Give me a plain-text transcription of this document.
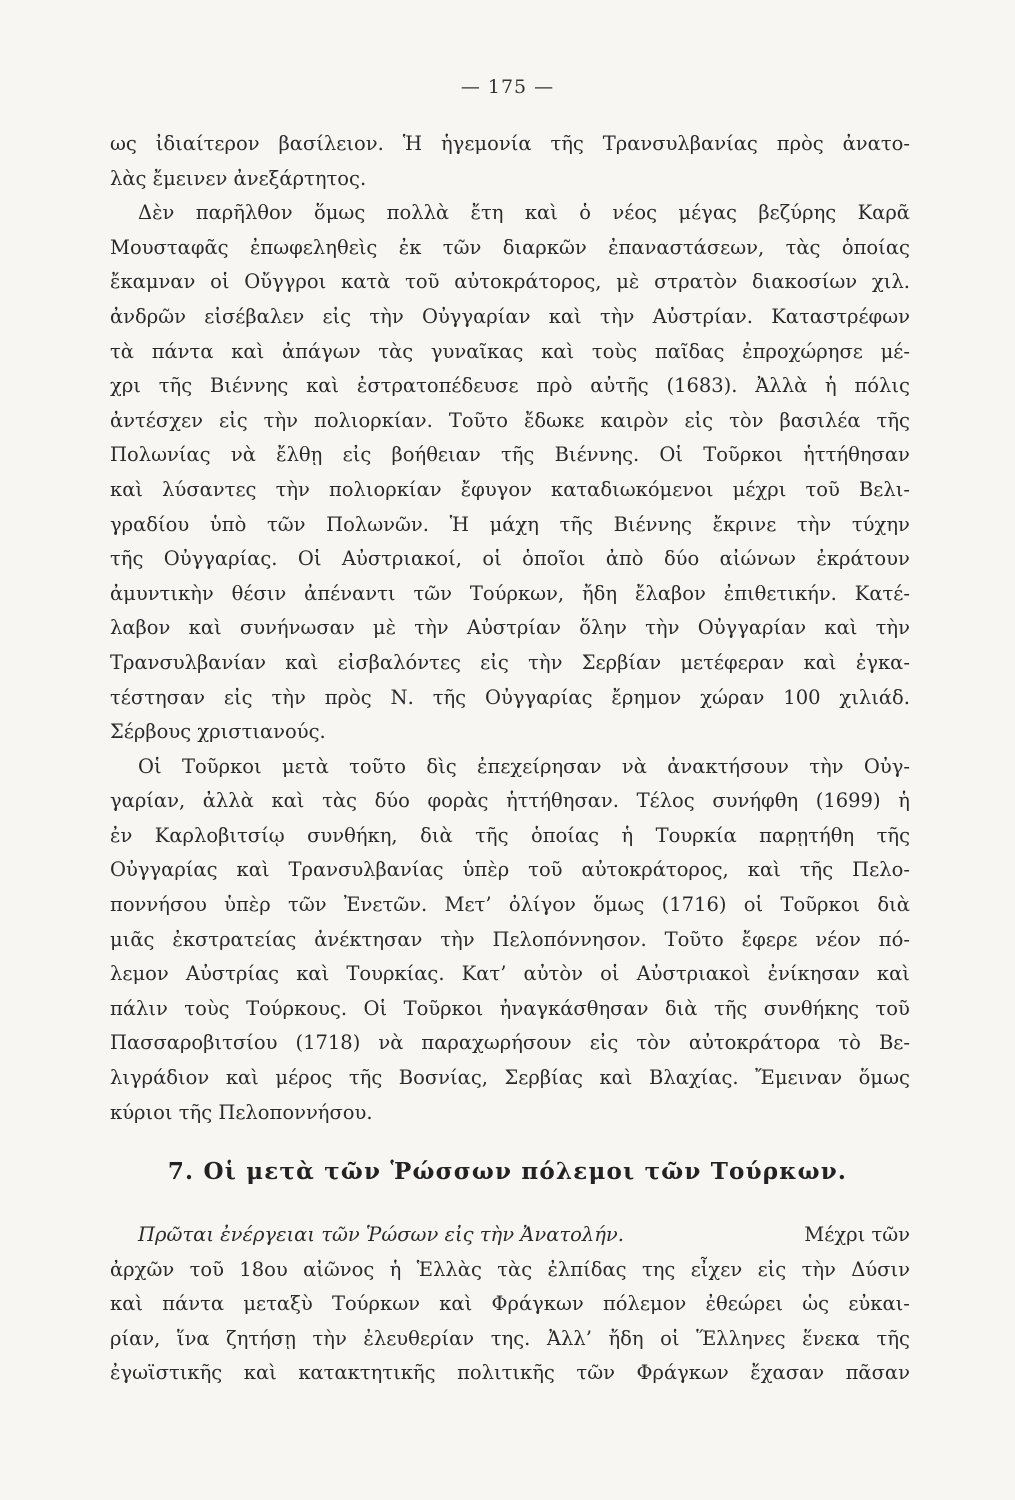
— 175 —
ως ἰδιαίτερον βασίλειον. Ἡ ἡγεμονία τῆς Τρανσυλβανίας πρὸς ἀνατο-
λὰς ἔμεινεν ἀνεξάρτητος.
Δὲν παρῆλθον ὅμως πολλὰ ἔτη καὶ ὁ νέος μέγας βεζύρης Καρᾶ
Μουσταφᾶς ἐπωφεληθεὶς ἐκ τῶν διαρκῶν ἐπαναστάσεων, τὰς ὁποίας
ἔκαμναν οἱ Οὔγγροι κατὰ τοῦ αὐτοκράτορος, μὲ στρατὸν διακοσίων χιλ.
ἀνδρῶν εἰσέβαλεν εἰς τὴν Οὐγγαρίαν καὶ τὴν Αὐστρίαν. Καταστρέφων
τὰ πάντα καὶ ἀπάγων τὰς γυναῖκας καὶ τοὺς παῖδας ἐπροχώρησε μέ-
χρι τῆς Βιέννης καὶ ἐστρατοπέδευσε πρὸ αὐτῆς (1683). Ἀλλὰ ἡ πόλις
ἀντέσχεν εἰς τὴν πολιορκίαν. Τοῦτο ἔδωκε καιρὸν εἰς τὸν βασιλέα τῆς
Πολωνίας νὰ ἔλθῃ εἰς βοήθειαν τῆς Βιέννης. Οἱ Τοῦρκοι ἡττήθησαν
καὶ λύσαντες τὴν πολιορκίαν ἔφυγον καταδιωκόμενοι μέχρι τοῦ Βελι-
γραδίου ὑπὸ τῶν Πολωνῶν. Ἡ μάχη τῆς Βιέννης ἔκρινε τὴν τύχην
τῆς Οὐγγαρίας. Οἱ Αὐστριακοί, οἱ ὁποῖοι ἀπὸ δύο αἰώνων ἐκράτουν
ἀμυντικὴν θέσιν ἀπέναντι τῶν Τούρκων, ἤδη ἔλαβον ἐπιθετικήν. Κατέ-
λαβον καὶ συνήνωσαν μὲ τὴν Αὐστρίαν ὅλην τὴν Οὐγγαρίαν καὶ τὴν
Τρανσυλβανίαν καὶ εἰσβαλόντες εἰς τὴν Σερβίαν μετέφεραν καὶ ἐγκα-
τέστησαν εἰς τὴν πρὸς Ν. τῆς Οὐγγαρίας ἔρημον χώραν 100 χιλιάδ.
Σέρβους χριστιανούς.
Οἱ Τοῦρκοι μετὰ τοῦτο δὶς ἐπεχείρησαν νὰ ἀνακτήσουν τὴν Οὐγ-
γαρίαν, ἀλλὰ καὶ τὰς δύο φορὰς ἡττήθησαν. Τέλος συνήφθη (1699) ἡ
ἐν Καρλοβιτσίῳ συνθήκη, διὰ τῆς ὁποίας ἡ Τουρκία παρῃτήθη τῆς
Οὐγγαρίας καὶ Τρανσυλβανίας ὑπὲρ τοῦ αὐτοκράτορος, καὶ τῆς Πελο-
ποννήσου ὑπὲρ τῶν Ἐνετῶν. Μετ’ ὀλίγον ὅμως (1716) οἱ Τοῦρκοι διὰ
μιᾶς ἐκστρατείας ἀνέκτησαν τὴν Πελοπόννησον. Τοῦτο ἔφερε νέον πό-
λεμον Αὐστρίας καὶ Τουρκίας. Κατ’ αὐτὸν οἱ Αὐστριακοὶ ἐνίκησαν καὶ
πάλιν τοὺς Τούρκους. Οἱ Τοῦρκοι ἠναγκάσθησαν διὰ τῆς συνθήκης τοῦ
Πασσαροβιτσίου (1718) νὰ παραχωρήσουν εἰς τὸν αὐτοκράτορα τὸ Βε-
λιγράδιον καὶ μέρος τῆς Βοσνίας, Σερβίας καὶ Βλαχίας. Ἔμειναν ὅμως
κύριοι τῆς Πελοποννήσου.
7. Οἱ μετὰ τῶν Ῥώσσων πόλεμοι τῶν Τούρκων.
Πρῶται ἐνέργειαι τῶν Ῥώσων εἰς τὴν Ἀνατολήν.	Μέχρι τῶν
ἀρχῶν τοῦ 18ου αἰῶνος ἡ Ἑλλὰς τὰς ἐλπίδας της εἶχεν εἰς τὴν Δύσιν
καὶ πάντα μεταξὺ Τούρκων καὶ Φράγκων πόλεμον ἐθεώρει ὡς εὐκαι-
ρίαν, ἵνα ζητήσῃ τὴν ἐλευθερίαν της. Ἀλλ’ ἤδη οἱ Ἕλληνες ἕνεκα τῆς
ἐγωϊστικῆς καὶ κατακτητικῆς πολιτικῆς τῶν Φράγκων ἔχασαν πᾶσαν
